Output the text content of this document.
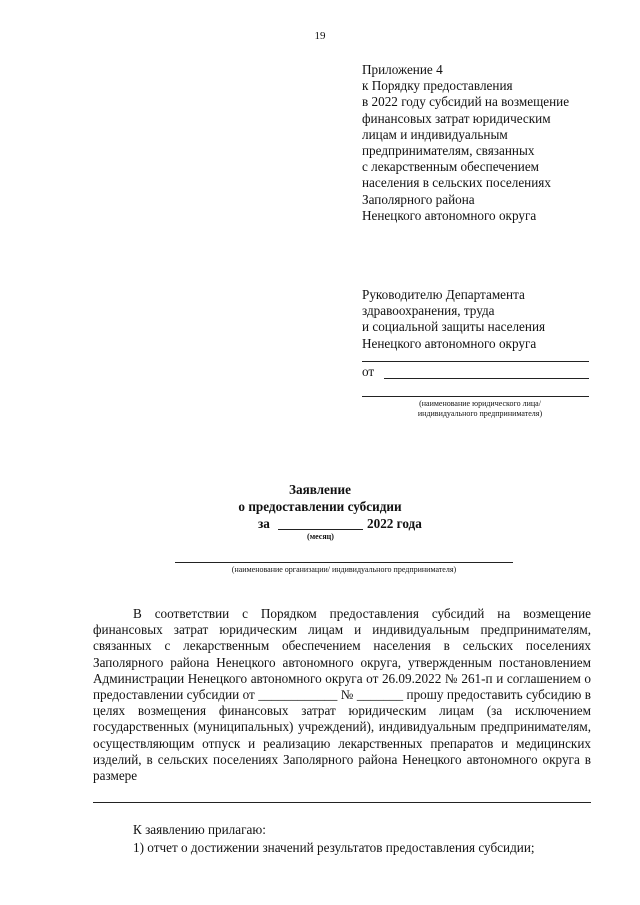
19
Приложение 4
к Порядку предоставления
в 2022 году субсидий на возмещение
финансовых затрат юридическим
лицам и индивидуальным
предпринимателям, связанных
с лекарственным обеспечением
населения в сельских поселениях
Заполярного района
Ненецкого автономного округа
Руководителю Департамента
здравоохранения, труда
и социальной защиты населения
Ненецкого автономного округа
от
(наименование юридического лица/
индивидуального предпринимателя)
Заявление
о предоставлении субсидии
за	2022 года
(месяц)
(наименование организации/ индивидуального предпринимателя)
В соответствии с Порядком предоставления субсидий на возмещение финансовых затрат юридическим лицам и индивидуальным предпринимателям, связанных с лекарственным обеспечением населения в сельских поселениях Заполярного района Ненецкого автономного округа, утвержденным постановлением Администрации Ненецкого автономного округа от 26.09.2022 № 261-п и соглашением о предоставлении субсидии от ____________ № _______ прошу предоставить субсидию в целях возмещения финансовых затрат юридическим лицам (за исключением государственных (муниципальных) учреждений), индивидуальным предпринимателям, осуществляющим отпуск и реализацию лекарственных препаратов и медицинских изделий, в сельских поселениях Заполярного района Ненецкого автономного округа в размере
К заявлению прилагаю:
1) отчет о достижении значений результатов предоставления субсидии;
